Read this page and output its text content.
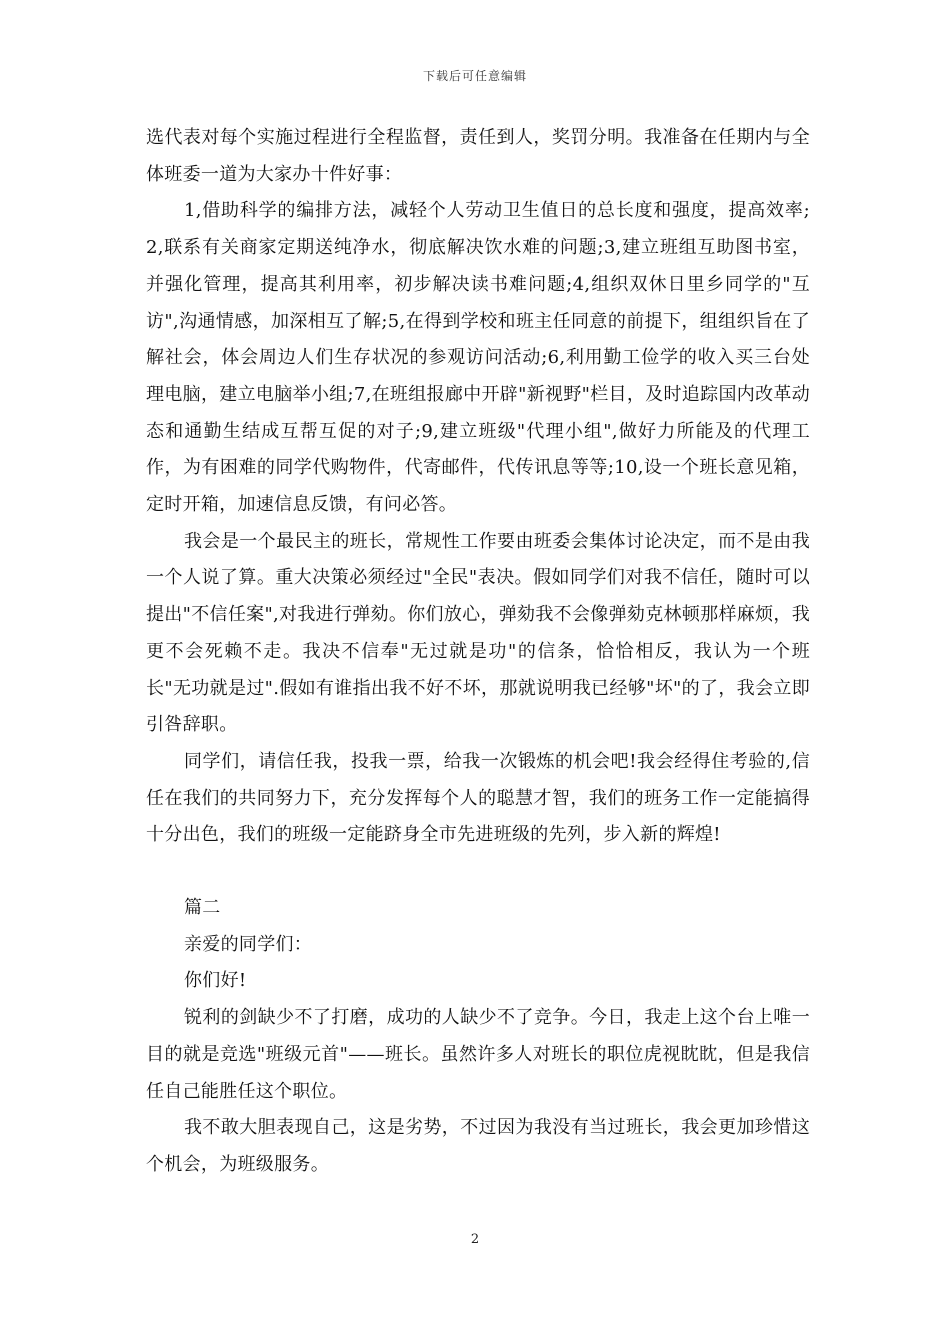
下载后可任意编辑

选代表对每个实施过程进行全程监督，责任到人，奖罚分明。我准备在任期内与全体班委一道为大家办十件好事：

1,借助科学的编排方法，减轻个人劳动卫生值日的总长度和强度，提高效率;2,联系有关商家定期送纯净水，彻底解决饮水难的问题;3,建立班组互助图书室，并强化管理，提高其利用率，初步解决读书难问题;4,组织双休日里乡同学的"互访",沟通情感，加深相互了解;5,在得到学校和班主任同意的前提下，组组织旨在了解社会，体会周边人们生存状况的参观访问活动;6,利用勤工俭学的收入买三台处理电脑，建立电脑举小组;7,在班组报廊中开辟"新视野"栏目，及时追踪国内改革动态和通勤生结成互帮互促的对子;9,建立班级"代理小组",做好力所能及的代理工作，为有困难的同学代购物件，代寄邮件，代传讯息等等;10,设一个班长意见箱，定时开箱，加速信息反馈，有问必答。

我会是一个最民主的班长，常规性工作要由班委会集体讨论决定，而不是由我一个人说了算。重大决策必须经过"全民"表决。假如同学们对我不信任，随时可以提出"不信任案",对我进行弹劾。你们放心，弹劾我不会像弹劾克林顿那样麻烦，我更不会死赖不走。我决不信奉"无过就是功"的信条，恰恰相反，我认为一个班长"无功就是过".假如有谁指出我不好不坏，那就说明我已经够"坏"的了，我会立即引咎辞职。

同学们，请信任我，投我一票，给我一次锻炼的机会吧!我会经得住考验的,信任在我们的共同努力下，充分发挥每个人的聪慧才智，我们的班务工作一定能搞得十分出色，我们的班级一定能跻身全市先进班级的先列，步入新的辉煌!

篇二

亲爱的同学们：

你们好!

锐利的剑缺少不了打磨，成功的人缺少不了竞争。今日，我走上这个台上唯一目的就是竞选"班级元首"——班长。虽然许多人对班长的职位虎视眈眈，但是我信任自己能胜任这个职位。

我不敢大胆表现自己，这是劣势，不过因为我没有当过班长，我会更加珍惜这个机会，为班级服务。

2
